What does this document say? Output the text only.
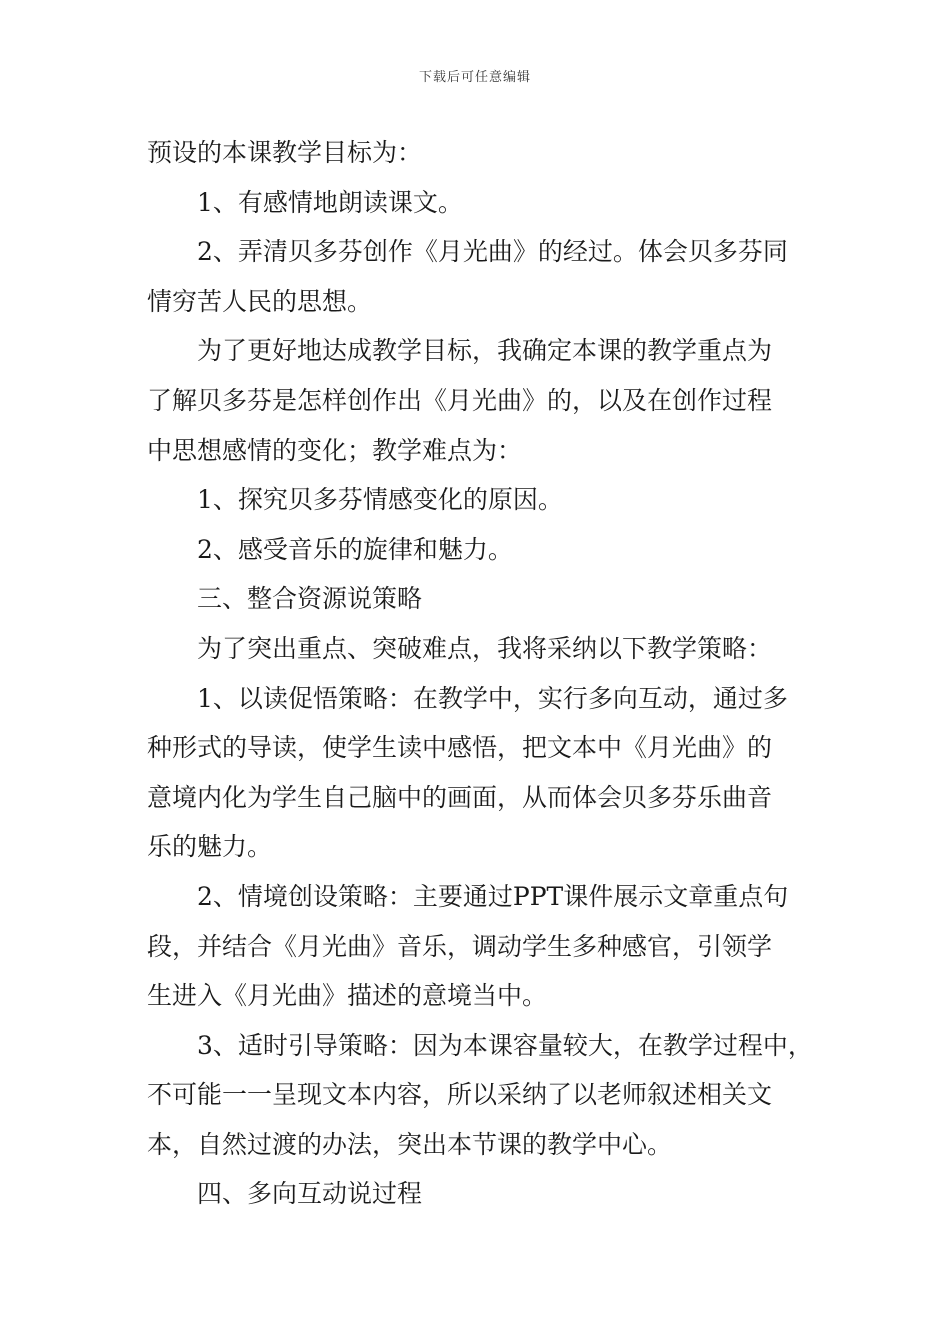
下载后可任意编辑
预设的本课教学目标为：
1、有感情地朗读课文。
2、弄清贝多芬创作《月光曲》的经过。体会贝多芬同
情穷苦人民的思想。
为了更好地达成教学目标，我确定本课的教学重点为
了解贝多芬是怎样创作出《月光曲》的，以及在创作过程
中思想感情的变化；教学难点为：
1、探究贝多芬情感变化的原因。
2、感受音乐的旋律和魅力。
三、整合资源说策略
为了突出重点、突破难点，我将采纳以下教学策略：
1、以读促悟策略：在教学中，实行多向互动，通过多
种形式的导读，使学生读中感悟，把文本中《月光曲》的
意境内化为学生自己脑中的画面，从而体会贝多芬乐曲音
乐的魅力。
2、情境创设策略：主要通过PPT课件展示文章重点句
段，并结合《月光曲》音乐，调动学生多种感官，引领学
生进入《月光曲》描述的意境当中。
3、适时引导策略：因为本课容量较大，在教学过程中，
不可能一一呈现文本内容，所以采纳了以老师叙述相关文
本，自然过渡的办法，突出本节课的教学中心。
四、多向互动说过程
